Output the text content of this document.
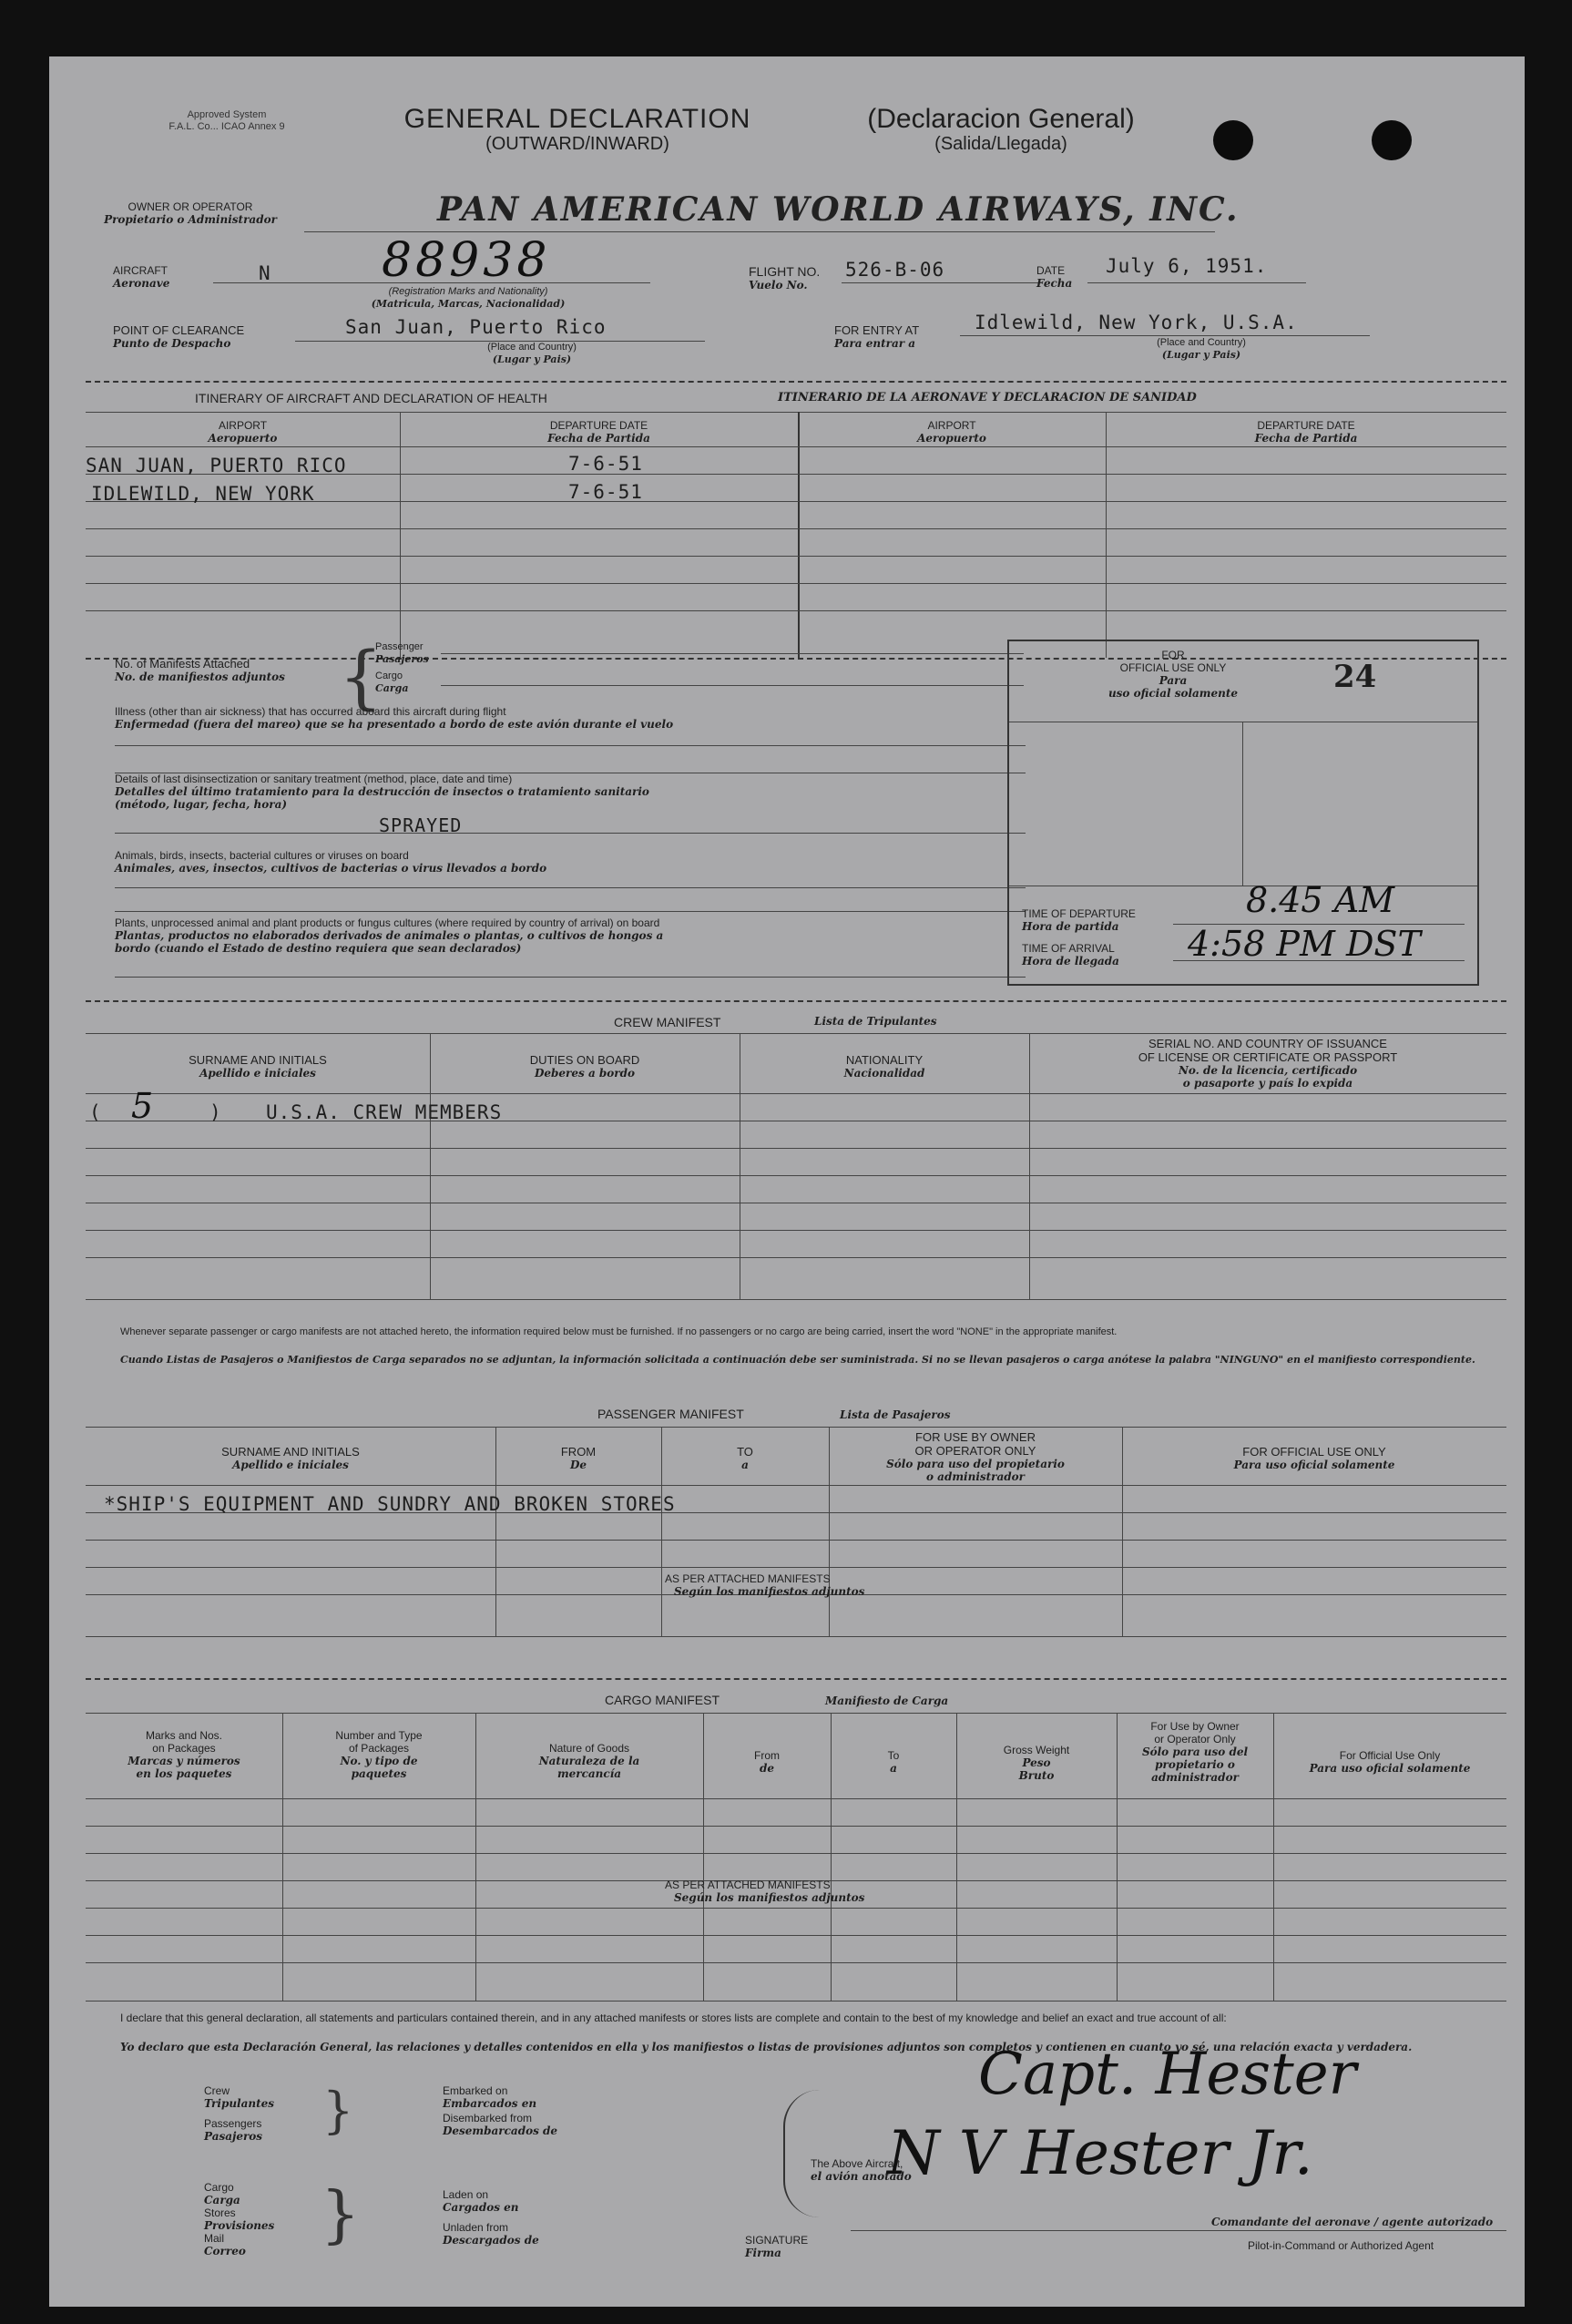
Approved System
F.A.L. Co... ICAO Annex 9	GENERAL DECLARATION
(OUTWARD/INWARD)
(Declaracion General)
(Salida/Llegada)
OWNER OR OPERATOR
Propietario o Administrador	PAN AMERICAN WORLD AIRWAYS, INC.
AIRCRAFT
Aeronave	N 88938
(Registration Marks and Nationality)
(Matricula, Marcas, Nacionalidad)
FLIGHT NO.
Vuelo No.
526-B-06	DATE
Fecha
July 6, 1951.
POINT OF CLEARANCE
Punto de Despacho
San Juan, Puerto Rico
(Place and Country)
(Lugar y Pais)
FOR ENTRY AT
Para entrar a
Idlewild, New York, U.S.A.
(Place and Country)
(Lugar y Pais)
ITINERARY OF AIRCRAFT AND DECLARATION OF HEALTH	ITINERARIO DE LA AERONAVE Y DECLARACION DE SANIDAD
AIRPORT
Aeropuerto
DEPARTURE DATE
Fecha de Partida
AIRPORT
Aeropuerto
DEPARTURE DATE
Fecha de Partida
SAN JUAN, PUERTO RICO	7-6-51
IDLEWILD, NEW YORK	7-6-51
No. of Manifests Attached
No. de manifiestos adjuntos {
Passenger
Pasajeros
Cargo
Carga
Illness (other than air sickness) that has occurred aboard this aircraft during flight
Enfermedad (fuera del mareo) que se ha presentado a bordo de este avión durante el vuelo
Details of last disinsectization or sanitary treatment (method, place, date and time)
Detalles del último tratamiento para la destrucción de insectos o tratamiento sanitario
(método, lugar, fecha, hora)
SPRAYED
Animals, birds, insects, bacterial cultures or viruses on board
Animales, aves, insectos, cultivos de bacterias o virus llevados a bordo
Plants, unprocessed animal and plant products or fungus cultures (where required by country of arrival) on board
Plantas, productos no elaborados derivados de animales o plantas, o cultivos de hongos a
bordo (cuando el Estado de destino requiera que sean declarados)
FOR
OFFICIAL USE ONLY
Para
uso oficial solamente	24
TIME OF DEPARTURE
Hora de partida
8.45 AM
TIME OF ARRIVAL
Hora de llegada 4:58 PM DST
CREW MANIFEST	Lista de Tripulantes
SURNAME AND INITIALS
Apellido e iniciales
DUTIES ON BOARD
Deberes a bordo
NATIONALITY
Nacionalidad
SERIAL NO. AND COUNTRY OF ISSUANCE
OF LICENSE OR CERTIFICATE OR PASSPORT
No. de la licencia, certificado
o pasaporte y país lo expida
( 5	) U.S.A. CREW MEMBERS
Whenever separate passenger or cargo manifests are not attached hereto, the information required below must be furnished. If no passengers or no cargo are being carried, insert the word "NONE" in the appropriate manifest.
Cuando Listas de Pasajeros o Manifiestos de Carga separados no se adjuntan, la información solicitada a continuación debe ser suministrada. Si no se llevan pasajeros o carga anótese la palabra "NINGUNO" en el manifiesto correspondiente.
PASSENGER MANIFEST	Lista de Pasajeros
SURNAME AND INITIALS
Apellido e iniciales
FROM
De
TO
a
FOR USE BY OWNER
OR OPERATOR ONLY
Sólo para uso del propietario
o administrador
FOR OFFICIAL USE ONLY
Para uso oficial solamente
*SHIP'S EQUIPMENT AND SUNDRY AND BROKEN STORES
AS PER ATTACHED MANIFESTS
Según los manifiestos adjuntos
CARGO MANIFEST	Manifiesto de Carga
Marks and Nos.
on Packages
Marcas y números
en los paquetes
Number and Type
of Packages
No. y tipo de
paquetes
Nature of Goods
Naturaleza de la
mercancía
From
de
To
a
Gross Weight
Peso
Bruto
For Use by Owner
or Operator Only
Sólo para uso del
propietario o administrador
For Official Use Only
Para uso oficial solamente
AS PER ATTACHED MANIFESTS
Según los manifiestos adjuntos
I declare that this general declaration, all statements and particulars contained therein, and in any attached manifests or stores lists are complete and contain to the best of my knowledge and belief an exact and true account of all:
Yo declaro que esta Declaración General, las relaciones y detalles contenidos en ella y los manifiestos o listas de provisiones adjuntos son completos y contienen en cuanto yo sé, una relación exacta y verdadera.
Crew
Tripulantes
Passengers
Pasajeros }	Embarked on
Embarcados en
Disembarked from
Desembarcados de
Cargo
Carga
Stores
Provisiones
Mail
Correo	}	Laden on
Cargados en
Unladen from
Descargados de
The Above Aircraft,
el avión anotado
Capt. Hester
N V Hester Jr.
Comandante del aeronave / agente autorizado
SIGNATURE
Firma
Pilot-in-Command or Authorized Agent
